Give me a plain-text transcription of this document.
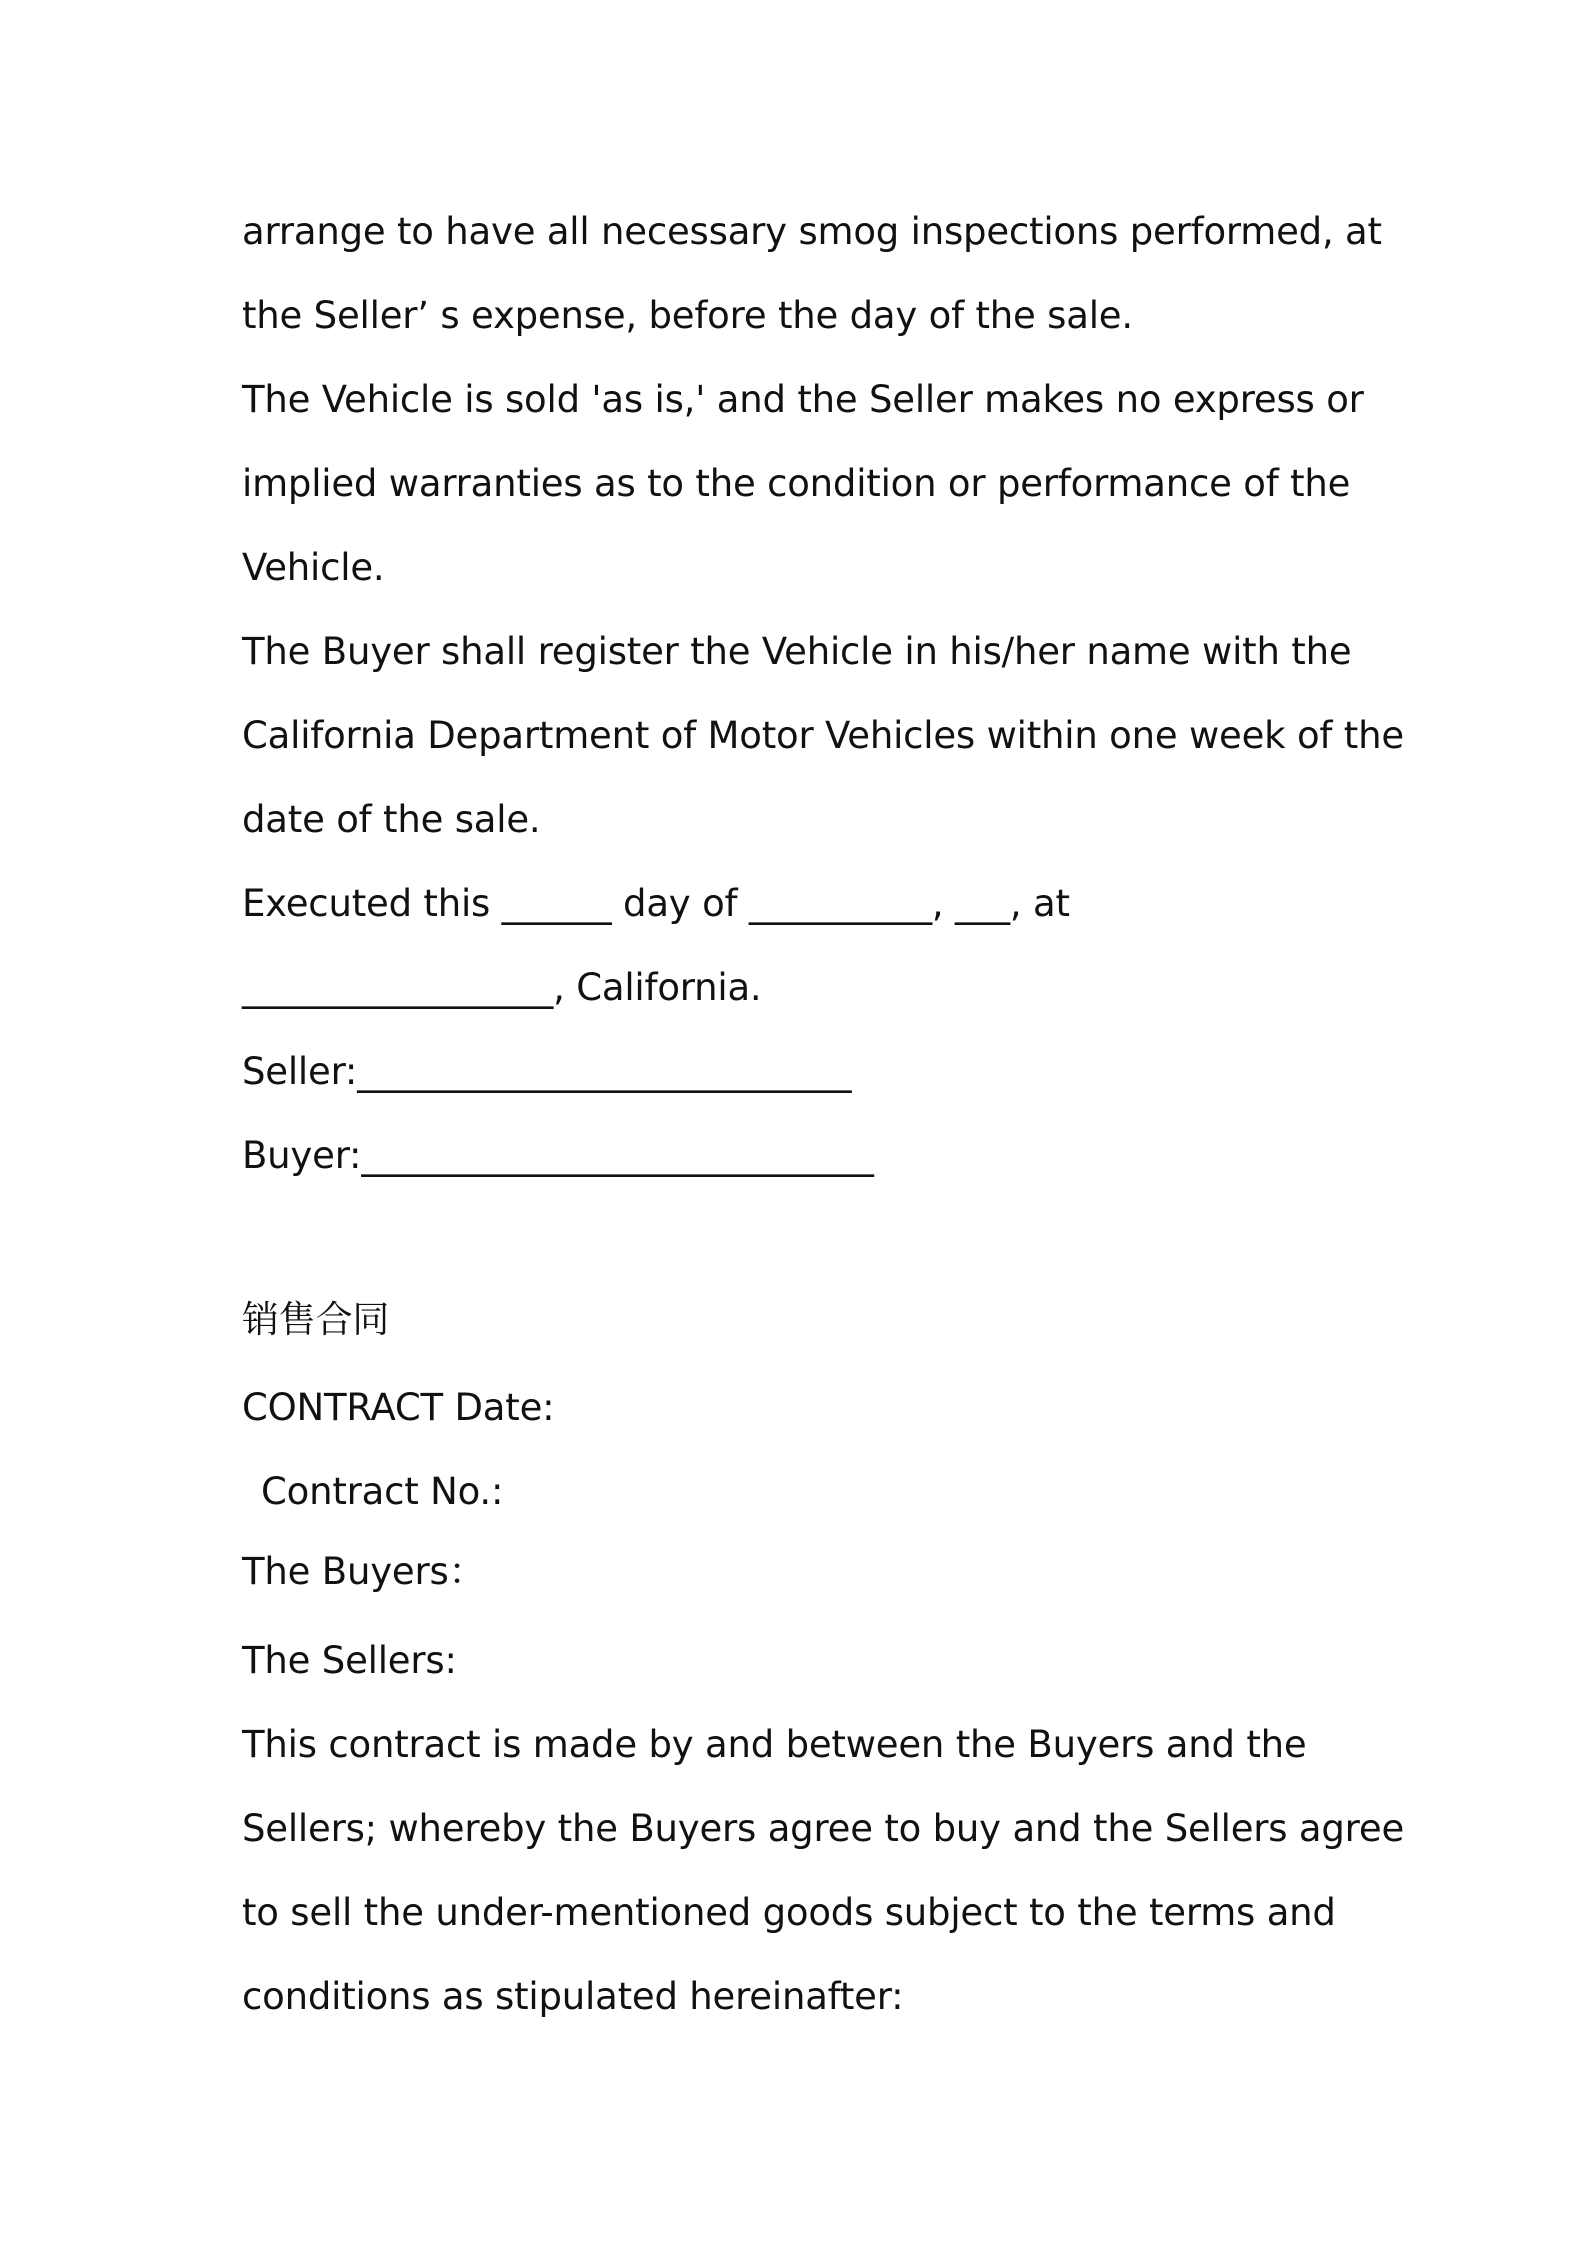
arrange to have all necessary smog inspections performed, at
the Seller’ s expense, before the day of the sale.
The Vehicle is sold 'as is,' and the Seller makes no express or
implied warranties as to the condition or performance of the
Vehicle.
The Buyer shall register the Vehicle in his/her name with the
California Department of Motor Vehicles within one week of the
date of the sale.
Executed this ______ day of __________, ___, at
_________________, California.
Seller:___________________________
Buyer:____________________________
销售合同
CONTRACT Date:
Contract No.:
The Buyers：
The Sellers:
This contract is made by and between the Buyers and the
Sellers; whereby the Buyers agree to buy and the Sellers agree
to sell the under-mentioned goods subject to the terms and
conditions as stipulated hereinafter:
